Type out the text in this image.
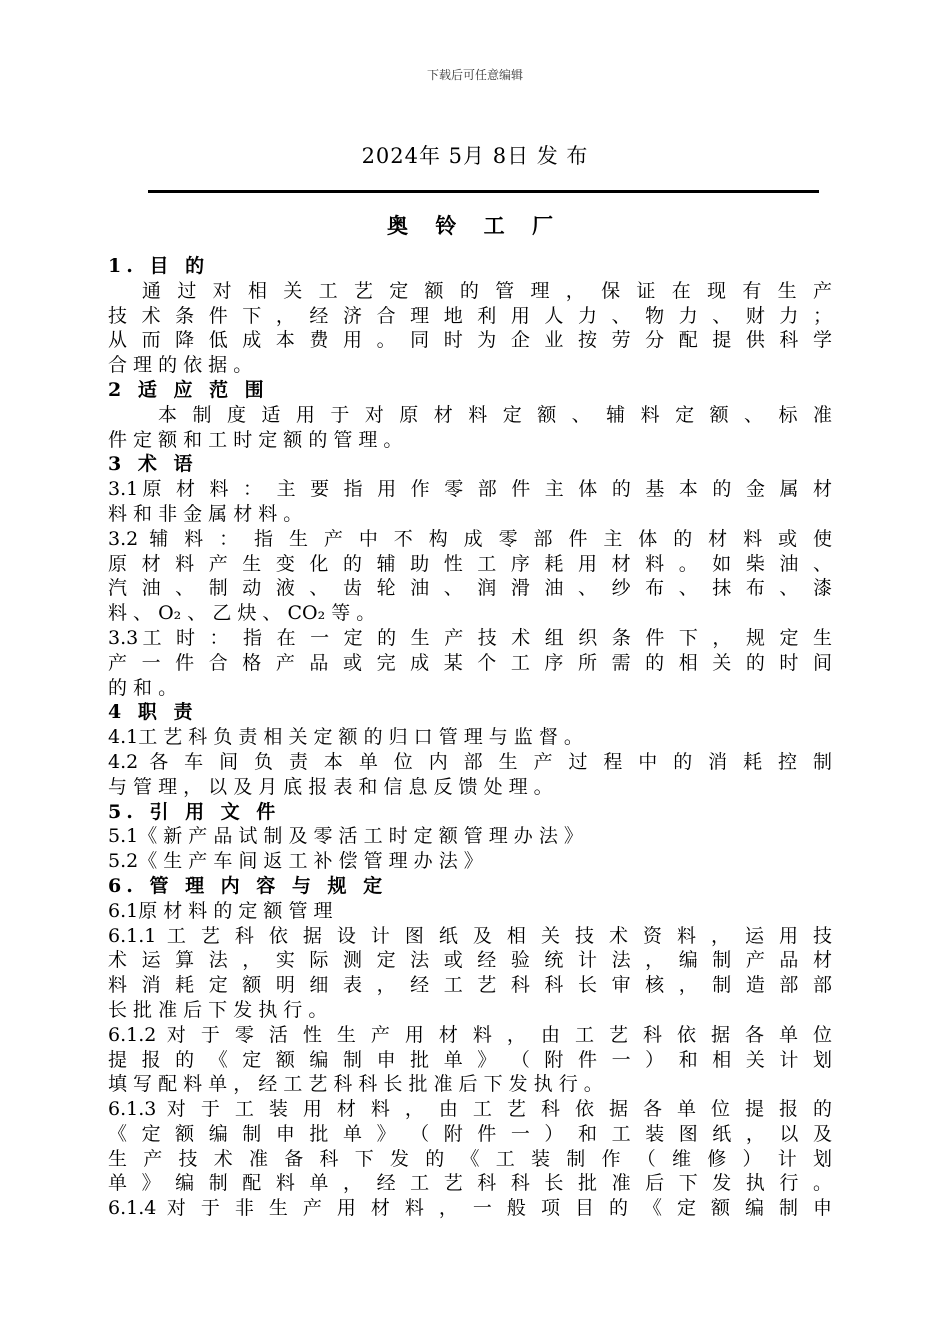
下载后可任意编辑
2024年 5月 8日 发 布
奥 铃 工 厂
1. 目 的
通 过 对 相 关 工 艺 定 额 的 管 理 ， 保 证 在 现 有 生 产
技 术 条 件 下 ， 经 济 合 理 地 利 用 人 力 、 物 力 、 财 力 ；
从 而 降 低 成 本 费 用 。 同 时 为 企 业 按 劳 分 配 提 供 科 学
合 理 的 依 据 。
2 适 应 范 围
本 制 度 适 用 于 对 原 材 料 定 额 、 辅 料 定 额 、 标 准
件 定 额 和 工 时 定 额 的 管 理 。
3 术 语
3.1原 材 料 ： 主 要 指 用 作 零 部 件 主 体 的 基 本 的 金 属 材
料 和 非 金 属 材 料 。
3.2 辅 料 ： 指 生 产 中 不 构 成 零 部 件 主 体 的 材 料 或 使
原 材 料 产 生 变 化 的 辅 助 性 工 序 耗 用 材 料 。 如 柴 油 、
汽 油 、 制 动 液 、 齿 轮 油 、 润 滑 油 、 纱 布 、 抹 布 、 漆
料 、 O₂ 、 乙 炔 、 CO₂ 等 。
3.3工 时 ： 指 在 一 定 的 生 产 技 术 组 织 条 件 下 ， 规 定 生
产 一 件 合 格 产 品 或 完 成 某 个 工 序 所 需 的 相 关 的 时 间
的 和 。
4 职 责
4.1工 艺 科 负 责 相 关 定 额 的 归 口 管 理 与 监 督 。
4.2 各 车 间 负 责 本 单 位 内 部 生 产 过 程 中 的 消 耗 控 制
与 管 理 ， 以 及 月 底 报 表 和 信 息 反 馈 处 理 。
5. 引 用 文 件
5.1《 新 产 品 试 制 及 零 活 工 时 定 额 管 理 办 法 》
5.2《 生 产 车 间 返 工 补 偿 管 理 办 法 》
6. 管 理 内 容 与 规 定
6.1原 材 料 的 定 额 管 理
6.1.1 工 艺 科 依 据 设 计 图 纸 及 相 关 技 术 资 料 ， 运 用 技
术 运 算 法 ， 实 际 测 定 法 或 经 验 统 计 法 ， 编 制 产 品 材
料 消 耗 定 额 明 细 表 ， 经 工 艺 科 科 长 审 核 ， 制 造 部 部
长 批 准 后 下 发 执 行 。
6.1.2 对 于 零 活 性 生 产 用 材 料 ， 由 工 艺 科 依 据 各 单 位
提 报 的 《 定 额 编 制 申 批 单 》 （ 附 件 一 ） 和 相 关 计 划
填 写 配 料 单 ， 经 工 艺 科 科 长 批 准 后 下 发 执 行 。
6.1.3 对 于 工 装 用 材 料 ， 由 工 艺 科 依 据 各 单 位 提 报 的
《 定 额 编 制 申 批 单 》 （ 附 件 一 ） 和 工 装 图 纸 ， 以 及
生 产 技 术 准 备 科 下 发 的 《 工 装 制 作 （ 维 修 ） 计 划
单 》 编 制 配 料 单 ， 经 工 艺 科 科 长 批 准 后 下 发 执 行 。
6.1.4 对 于 非 生 产 用 材 料 ， 一 般 项 目 的 《 定 额 编 制 申
